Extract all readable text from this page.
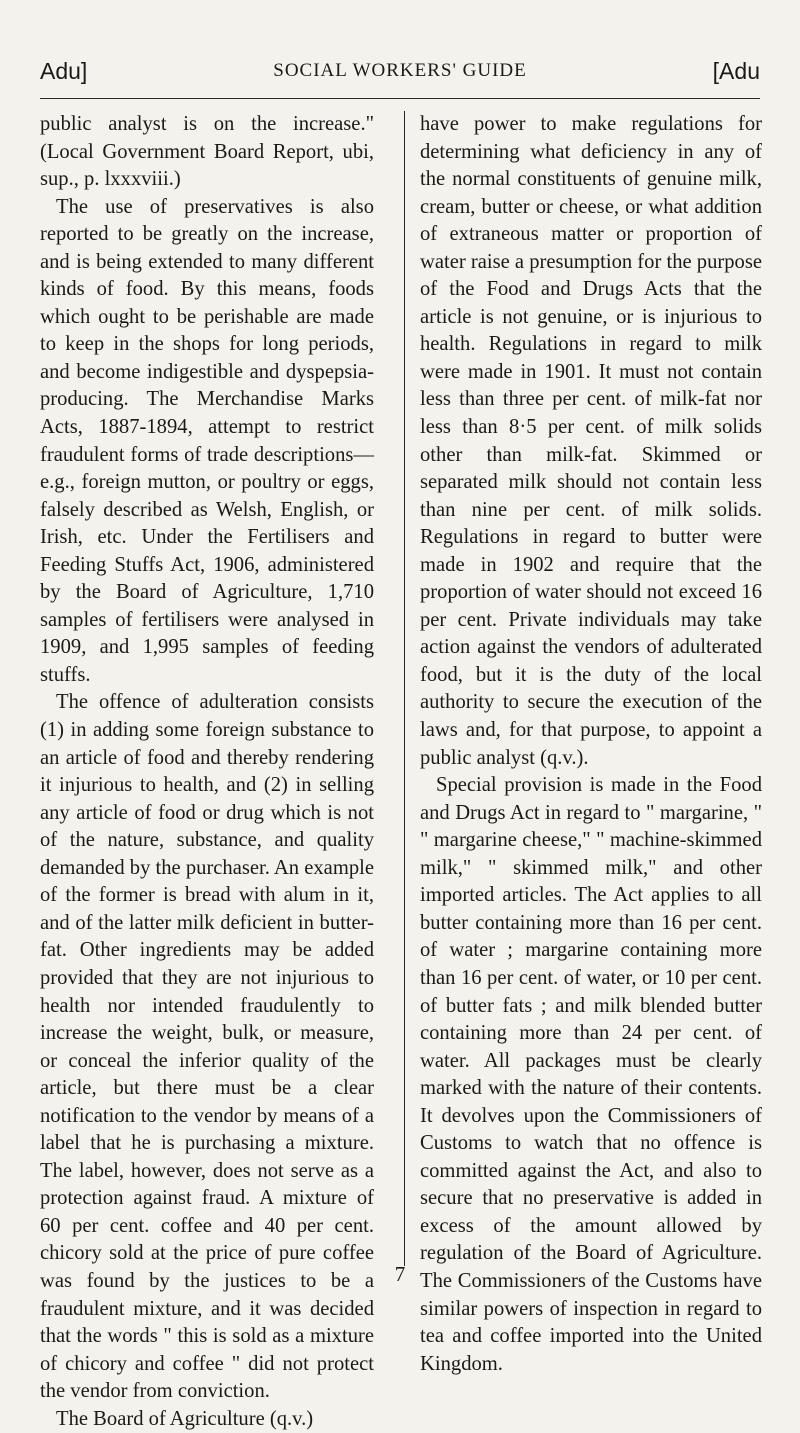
Adu]	SOCIAL WORKERS' GUIDE	[Adu

public analyst is on the increase." (Local Government Board Report, ubi, sup., p. lxxxviii.)

The use of preservatives is also reported to be greatly on the increase, and is being extended to many different kinds of food. By this means, foods which ought to be perishable are made to keep in the shops for long periods, and become indigestible and dyspepsia-producing. The Merchandise Marks Acts, 1887-1894, attempt to restrict fraudulent forms of trade descriptions—e.g., foreign mutton, or poultry or eggs, falsely described as Welsh, English, or Irish, etc. Under the Fertilisers and Feeding Stuffs Act, 1906, administered by the Board of Agriculture, 1,710 samples of fertilisers were analysed in 1909, and 1,995 samples of feeding stuffs.

The offence of adulteration consists (1) in adding some foreign substance to an article of food and thereby rendering it injurious to health, and (2) in selling any article of food or drug which is not of the nature, substance, and quality demanded by the purchaser. An example of the former is bread with alum in it, and of the latter milk deficient in butter-fat. Other ingredients may be added provided that they are not injurious to health nor intended fraudulently to increase the weight, bulk, or measure, or conceal the inferior quality of the article, but there must be a clear notification to the vendor by means of a label that he is purchasing a mixture. The label, however, does not serve as a protection against fraud. A mixture of 60 per cent. coffee and 40 per cent. chicory sold at the price of pure coffee was found by the justices to be a fraudulent mixture, and it was decided that the words " this is sold as a mixture of chicory and coffee " did not protect the vendor from conviction.

The Board of Agriculture (q.v.)

have power to make regulations for determining what deficiency in any of the normal constituents of genuine milk, cream, butter or cheese, or what addition of extraneous matter or proportion of water raise a presumption for the purpose of the Food and Drugs Acts that the article is not genuine, or is injurious to health. Regulations in regard to milk were made in 1901. It must not contain less than three per cent. of milk-fat nor less than 8·5 per cent. of milk solids other than milk-fat. Skimmed or separated milk should not contain less than nine per cent. of milk solids. Regulations in regard to butter were made in 1902 and require that the proportion of water should not exceed 16 per cent. Private individuals may take action against the vendors of adulterated food, but it is the duty of the local authority to secure the execution of the laws and, for that purpose, to appoint a public analyst (q.v.).

Special provision is made in the Food and Drugs Act in regard to " margarine, " " margarine cheese," " machine-skimmed milk," " skimmed milk," and other imported articles. The Act applies to all butter containing more than 16 per cent. of water ; margarine containing more than 16 per cent. of water, or 10 per cent. of butter fats ; and milk blended butter containing more than 24 per cent. of water. All packages must be clearly marked with the nature of their contents. It devolves upon the Commissioners of Customs to watch that no offence is committed against the Act, and also to secure that no preservative is added in excess of the amount allowed by regulation of the Board of Agriculture. The Commissioners of the Customs have similar powers of inspection in regard to tea and coffee imported into the United Kingdom.

7
